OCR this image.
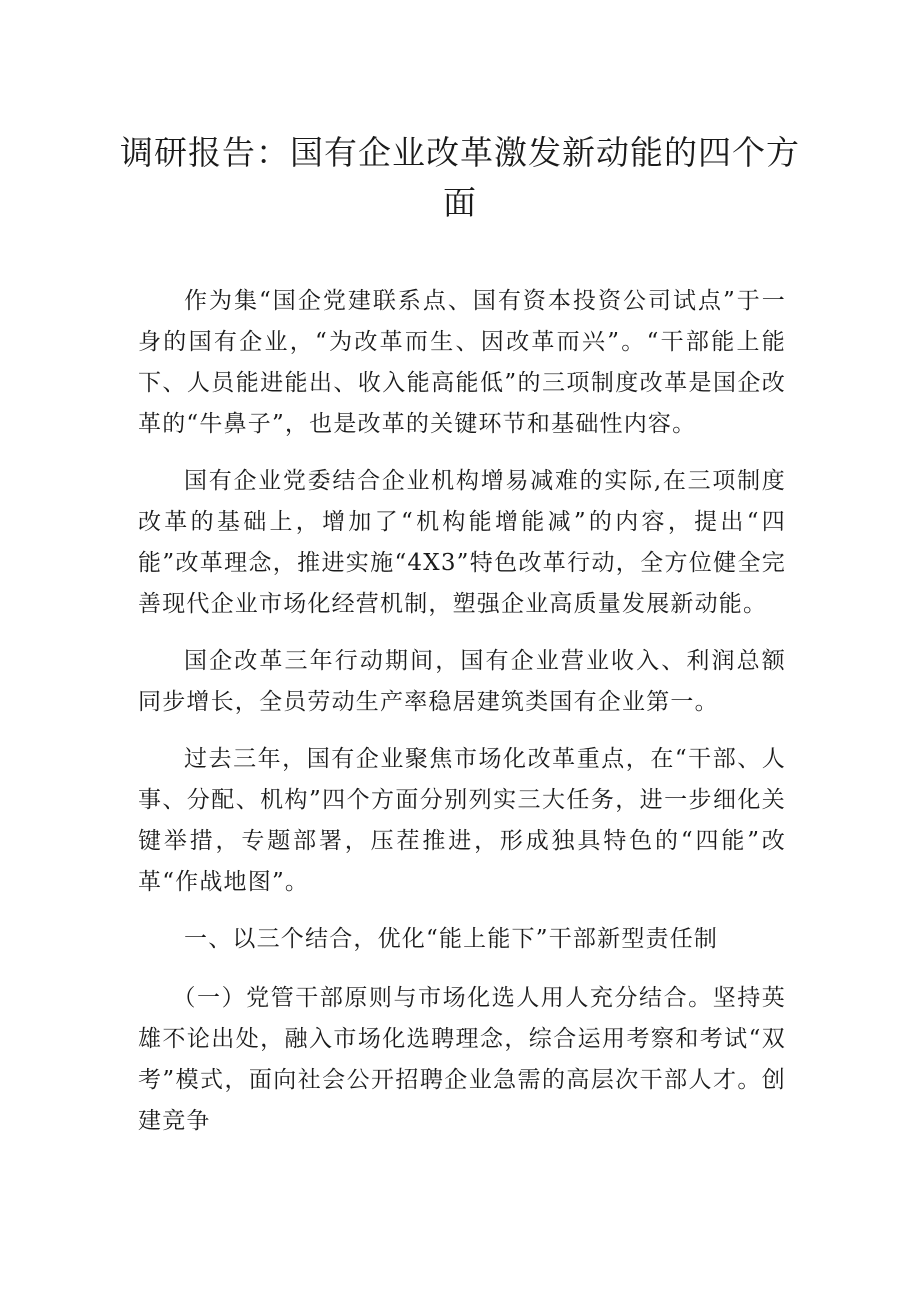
调研报告：国有企业改革激发新动能的四个方面

作为集“国企党建联系点、国有资本投资公司试点”于一身的国有企业，“为改革而生、因改革而兴”。“干部能上能下、人员能进能出、收入能高能低”的三项制度改革是国企改革的“牛鼻子”，也是改革的关键环节和基础性内容。

国有企业党委结合企业机构增易减难的实际,在三项制度改革的基础上，增加了“机构能增能减”的内容，提出“四能”改革理念，推进实施“4X3”特色改革行动，全方位健全完善现代企业市场化经营机制，塑强企业高质量发展新动能。

国企改革三年行动期间，国有企业营业收入、利润总额同步增长，全员劳动生产率稳居建筑类国有企业第一。

过去三年，国有企业聚焦市场化改革重点，在“干部、人事、分配、机构”四个方面分别列实三大任务，进一步细化关键举措，专题部署，压茬推进，形成独具特色的“四能”改革“作战地图”。

一、以三个结合，优化“能上能下”干部新型责任制

（一）党管干部原则与市场化选人用人充分结合。坚持英雄不论出处，融入市场化选聘理念，综合运用考察和考试“双考”模式，面向社会公开招聘企业急需的高层次干部人才。创建竞争
